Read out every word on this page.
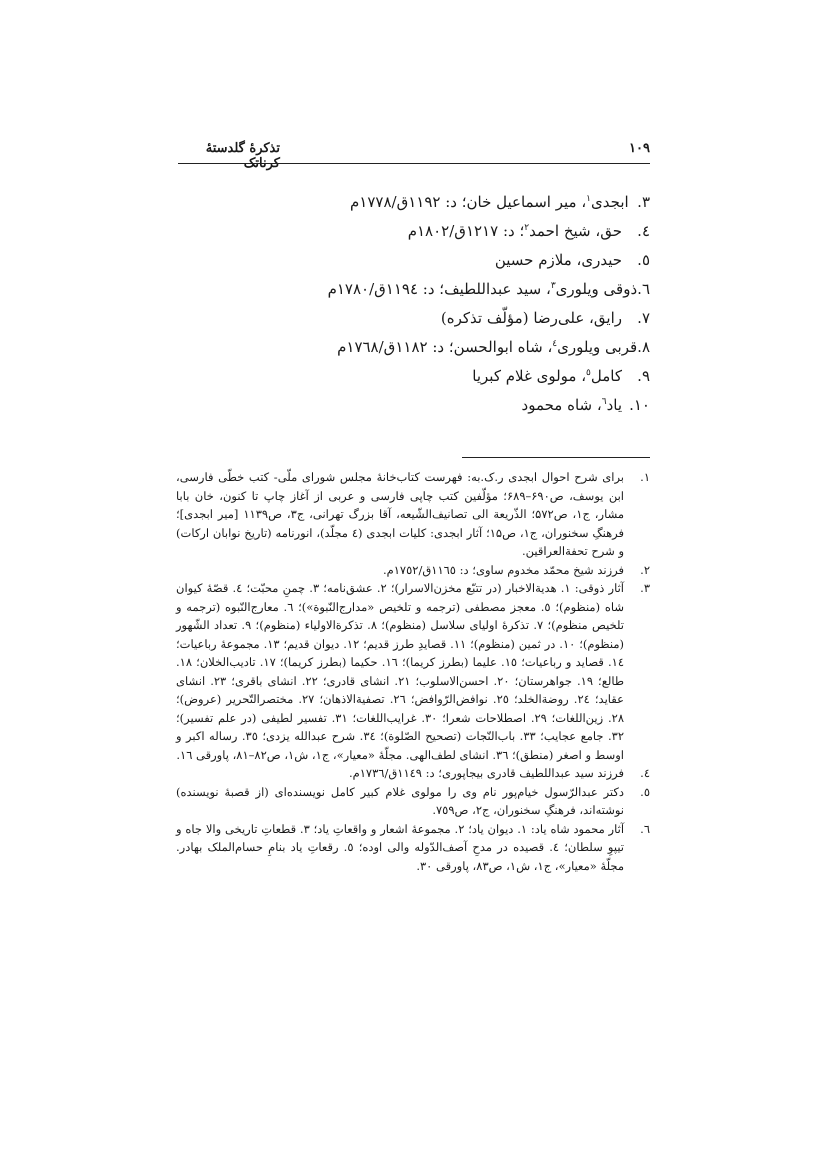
تذکرهٔ گلدستهٔ کرناتک
۱۰۹
۳.
ابجدی$^۱$، میر اسماعیل خان؛ د: ۱۱۹۲ق/۱۷۷۸م
٤.
حق، شیخ احمد$^۲$؛ د: ۱۲۱۷ق/۱۸۰۲م
٥.
حیدری، ملازم حسین
٦.
ذوقی ویلوری$^۳$، سید عبداللطیف؛ د: ۱۱۹٤ق/۱۷۸۰م
۷.
رایق، علی‌رضا (مؤلّف تذکره)
۸.
قربی ویلوری$^٤$، شاه ابوالحسن؛ د: ۱۱۸۲ق/۱۷٦۸م
۹.
کامل$^٥$، مولوی غلام کبریا
۱۰.
یاد$^٦$، شاه محمود
۱.
برای شرح احوال ابجدی ر.ک.به: فهرست کتاب‌خانهٔ مجلس شورای ملّی- کتب خطّی فارسی، ابن یوسف، ص۶۹۰–۶۸۹؛ مؤلّفین کتب چاپی فارسی و عربی از آغاز چاپ تا کنون، خان بابا مشار، ج۱، ص۵۷۲؛ الذّریعة الی تصانیف‌الشّیعه، آقا بزرگ تهرانی، ج۳، ص۱۱۳۹ [میر ابجدی]؛ فرهنگِ سخنوران، ج۱، ص۱۵؛ آثار ابجدی: کلیات ابجدی (٤ مجلّد)، انورنامه (تاریخ نوابان ارکات) و شرح تحفةالعراقین.
۲.
فرزند شیخ محمّد مخدوم ساوی؛ د: ۱۱٦٥ق/۱۷٥۲م.
۳.
آثار ذوقی: ۱. هدیةالاخبار (در تتبّع مخزن‌الاسرار)؛ ۲. عشق‌نامه؛ ۳. چمنِ محبّت؛ ٤. قصّهٔ کیوان شاه (منظوم)؛ ٥. معجز مصطفی (ترجمه و تلخیص «مدارج‌النّبوة»)؛ ٦. معارج‌النّبوه (ترجمه و تلخیص منظوم)؛ ۷. تذکرهٔ اولیای سلاسل (منظوم)؛ ۸. تذکرة‌الاولیاء (منظوم)؛ ۹. تعداد الشّهور (منظوم)؛ ۱۰. در ثمین (منظوم)؛ ۱۱. قصایدِ طرز قدیم؛ ۱۲. دیوان قدیم؛ ۱۳. مجموعهٔ رباعیات؛ ۱٤. قصاید و رباعیات؛ ۱٥. علیما (بطرز کریما)؛ ۱٦. حکیما (بطرز کریما)؛ ۱۷. تادیب‌الخلان؛ ۱۸. طالع؛ ۱۹. جواهرستان؛ ۲۰. احسن‌الاسلوب؛ ۲۱. انشای قادری؛ ۲۲. انشای باقری؛ ۲۳. انشای عقاید؛ ۲٤. روضةالخلد؛ ۲٥. نوافض‌الرّوافض؛ ۲٦. تصفیةالاذهان؛ ۲۷. مختصرالتّحریر (عروض)؛ ۲۸. زین‌اللغات؛ ۲۹. اصطلاحات شعرا؛ ۳۰. غرایب‌اللغات؛ ۳۱. تفسیر لطیفی (در علم تفسیر)؛ ۳۲. جامع عجایب؛ ۳۳. باب‌النّجات (تصحیح الصّلوة)؛ ۳٤. شرح عبدالله یزدی؛ ۳٥. رساله اکبر و اوسط و اصغر (منطق)؛ ۳٦. انشای لطف‌الهی. مجلّهٔ «معیار»، ج۱، ش۱، ص۸۲–۸۱، پاورقی ۱٦.
٤.
فرزند سید عبداللطیف قادری بیجاپوری؛ د: ۱۱٤۹ق/۱۷۳٦م.
٥.
دکتر عبدالرّسول خیام‌پور نام وی را مولوی غلام کبیر کامل نویسنده‌ای (از قصبهٔ نویسنده) نوشته‌اند، فرهنگِ سخنوران، ج۲، ص۷٥۹.
٦.
آثار محمود شاه یاد: ۱. دیوان یاد؛ ۲. مجموعهٔ اشعار و واقعاتِ یاد؛ ۳. قطعاتِ تاریخی والا جاه و تیپوِ سلطان؛ ٤. قصیده در مدحِ آصف‌الدّوله والی اوده؛ ٥. رقعاتِ یاد بنامِ حسام‌الملک بهادر. مجلّهٔ «معیار»، ج۱، ش۱، ص۸۳، پاورقی ۳۰.
